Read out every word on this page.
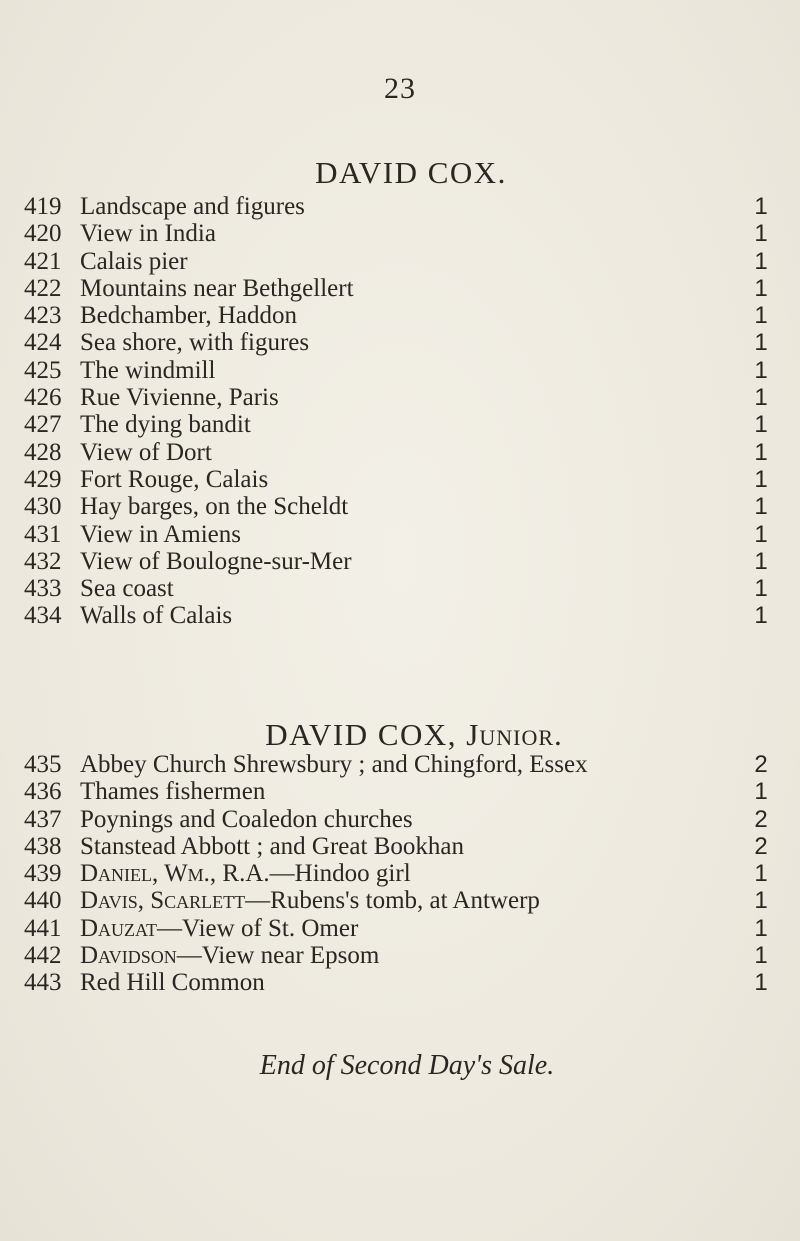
23
DAVID COX.
419 Landscape and figures	1
420 View in India	1
421 Calais pier	1
422 Mountains near Bethgellert	1
423 Bedchamber, Haddon	1
424 Sea shore, with figures	1
425 The windmill	1
426 Rue Vivienne, Paris	1
427 The dying bandit	1
428 View of Dort	1
429 Fort Rouge, Calais	1
430 Hay barges, on the Scheldt	1
431 View in Amiens	1
432 View of Boulogne-sur-Mer	1
433 Sea coast	1
434 Walls of Calais	1
DAVID COX, Junior.
435 Abbey Church Shrewsbury ; and Chingford, Essex	2
436 Thames fishermen	1
437 Poynings and Coaledon churches	2
438 Stanstead Abbott ; and Great Bookhan	2
439 Daniel, Wm., R.A.—Hindoo girl	1
440 Davis, Scarlett—Rubens's tomb, at Antwerp	1
441 Dauzat—View of St. Omer	1
442 Davidson—View near Epsom	1
443 Red Hill Common	1
End of Second Day's Sale.
